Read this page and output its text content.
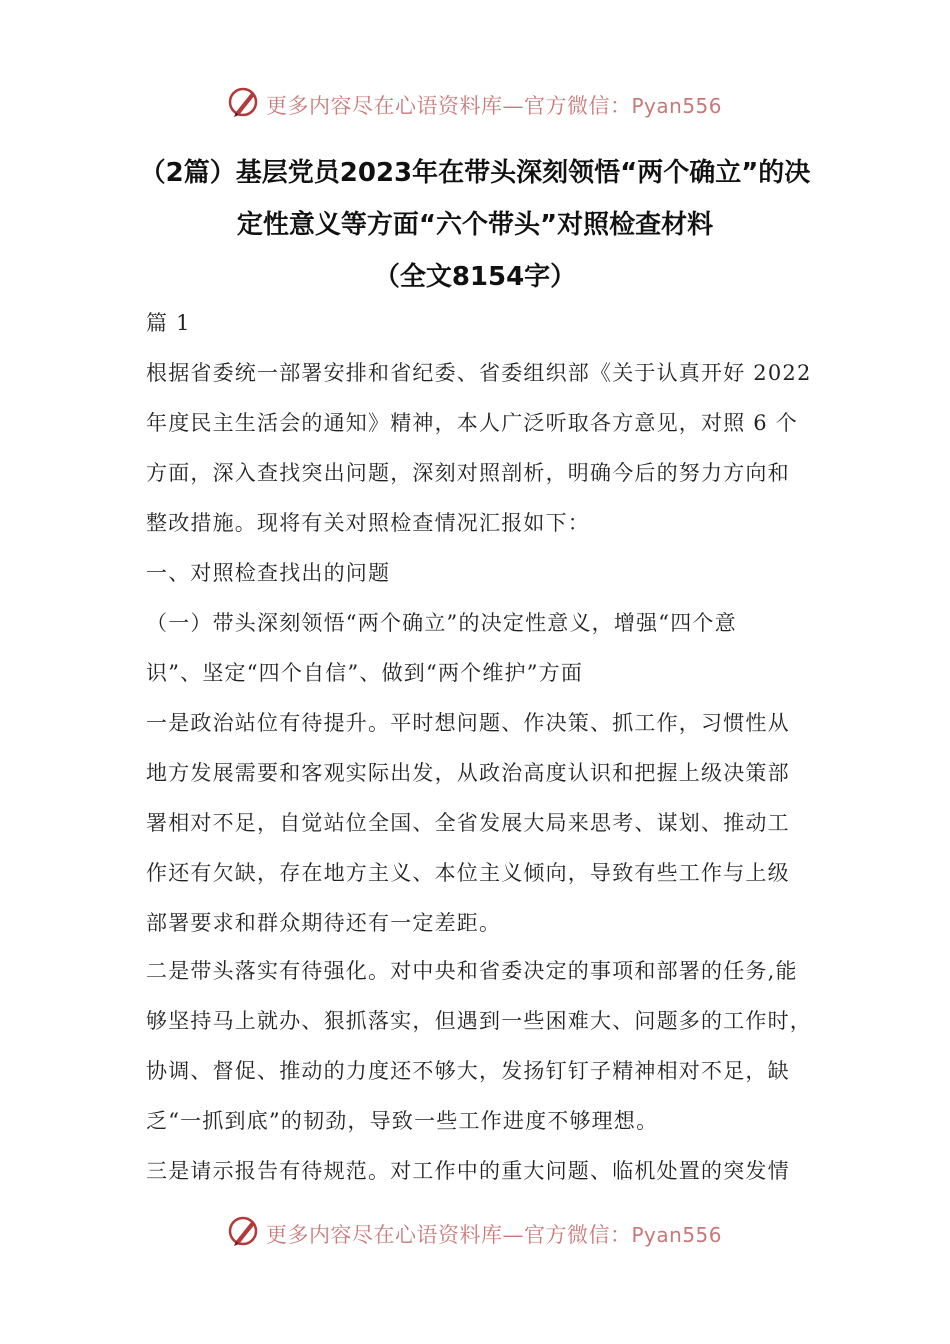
更多内容尽在心语资料库—官方微信：Pyan556
（2篇）基层党员2023年在带头深刻领悟“两个确立”的决
定性意义等方面“六个带头”对照检查材料
（全文8154字）
篇 1
根据省委统一部署安排和省纪委、省委组织部《关于认真开好 2022
年度民主生活会的通知》精神，本人广泛听取各方意见，对照 6 个
方面，深入查找突出问题，深刻对照剖析，明确今后的努力方向和
整改措施。现将有关对照检查情况汇报如下：
一、对照检查找出的问题
（一）带头深刻领悟“两个确立”的决定性意义，增强“四个意
识”、坚定“四个自信”、做到“两个维护”方面
一是政治站位有待提升。平时想问题、作决策、抓工作，习惯性从
地方发展需要和客观实际出发，从政治高度认识和把握上级决策部
署相对不足，自觉站位全国、全省发展大局来思考、谋划、推动工
作还有欠缺，存在地方主义、本位主义倾向，导致有些工作与上级
部署要求和群众期待还有一定差距。
二是带头落实有待强化。对中央和省委决定的事项和部署的任务,能
够坚持马上就办、狠抓落实，但遇到一些困难大、问题多的工作时，
协调、督促、推动的力度还不够大，发扬钉钉子精神相对不足，缺
乏“一抓到底”的韧劲，导致一些工作进度不够理想。
三是请示报告有待规范。对工作中的重大问题、临机处置的突发情
更多内容尽在心语资料库—官方微信：Pyan556
